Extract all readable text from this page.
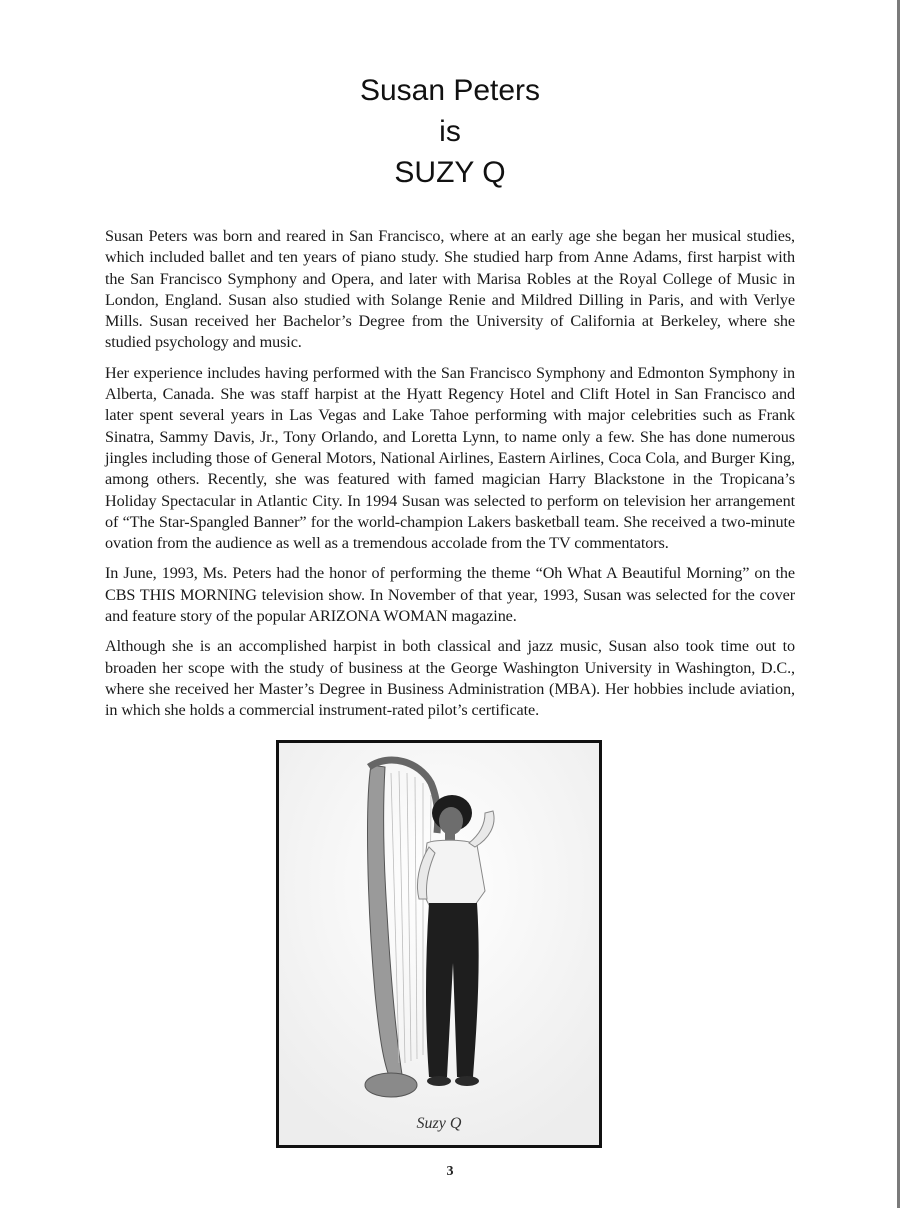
Susan Peters
is
SUZY Q

Susan Peters was born and reared in San Francisco, where at an early age she began her musical studies, which included ballet and ten years of piano study. She studied harp from Anne Adams, first harpist with the San Francisco Symphony and Opera, and later with Marisa Robles at the Royal College of Music in London, England. Susan also studied with Solange Renie and Mildred Dilling in Paris, and with Verlye Mills. Susan received her Bachelor’s Degree from the University of California at Berkeley, where she studied psychology and music.

Her experience includes having performed with the San Francisco Symphony and Edmonton Symphony in Alberta, Canada. She was staff harpist at the Hyatt Regency Hotel and Clift Hotel in San Francisco and later spent several years in Las Vegas and Lake Tahoe performing with major celebrities such as Frank Sinatra, Sammy Davis, Jr., Tony Orlando, and Loretta Lynn, to name only a few. She has done numerous jingles including those of General Motors, National Airlines, Eastern Airlines, Coca Cola, and Burger King, among others. Recently, she was featured with famed magician Harry Blackstone in the Tropicana’s Holiday Spectacular in Atlantic City. In 1994 Susan was selected to perform on television her arrangement of “The Star-Spangled Banner” for the world-champion Lakers basketball team. She received a two-minute ovation from the audience as well as a tremendous accolade from the TV commentators.

In June, 1993, Ms. Peters had the honor of performing the theme “Oh What A Beautiful Morning” on the CBS THIS MORNING television show. In November of that year, 1993, Susan was selected for the cover and feature story of the popular ARIZONA WOMAN magazine.

Although she is an accomplished harpist in both classical and jazz music, Susan also took time out to broaden her scope with the study of business at the George Washington University in Washington, D.C., where she received her Master’s Degree in Business Administration (MBA). Her hobbies include aviation, in which she holds a commercial instrument-rated pilot’s certificate.

Suzy Q
3
